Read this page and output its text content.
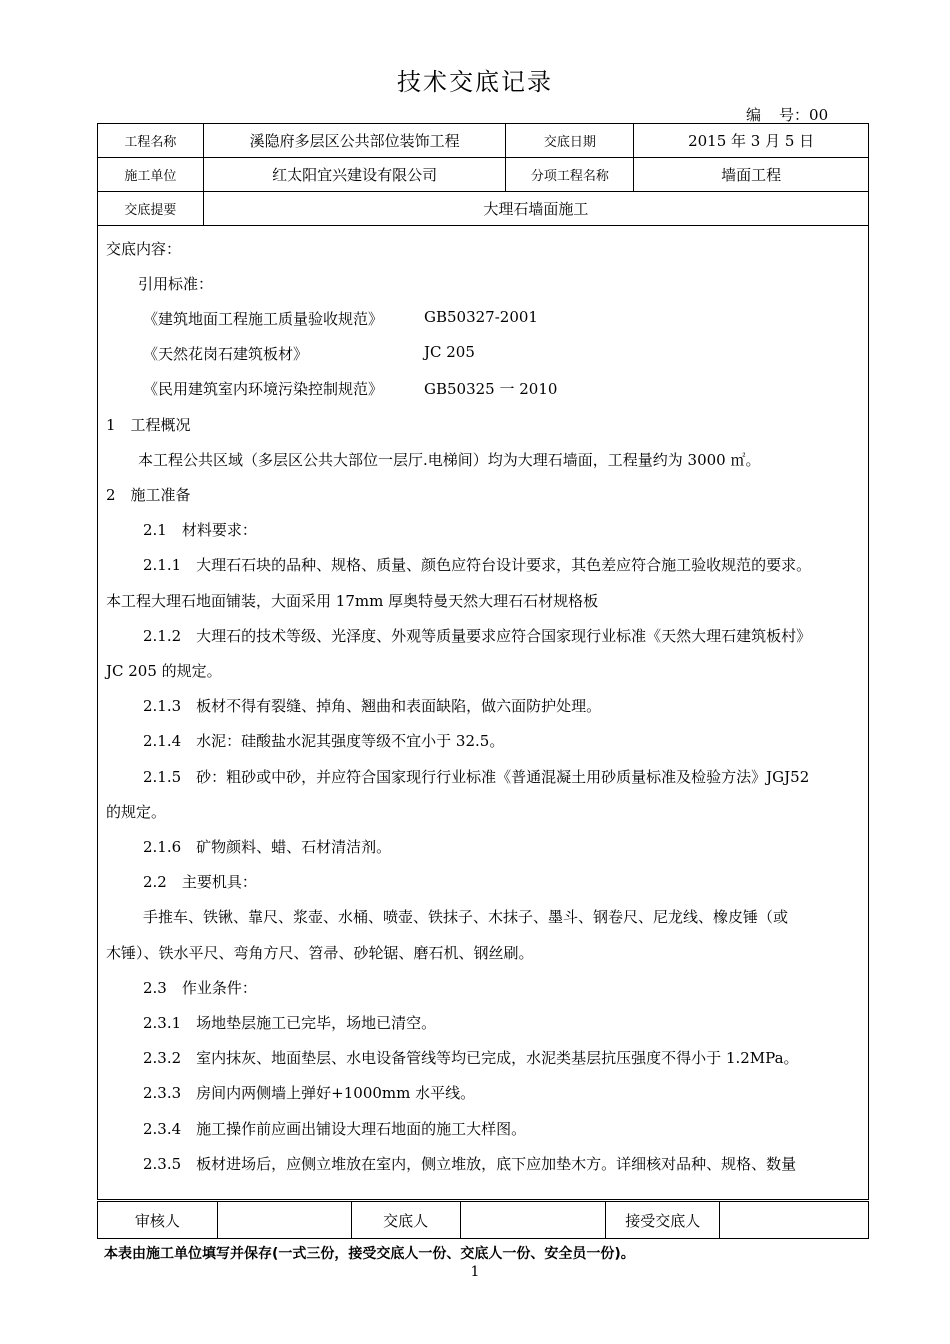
技术交底记录
编 号：00
工程名称	溪隐府多层区公共部位装饰工程	交底日期	2015 年 3 月 5 日
施工单位	红太阳宜兴建设有限公司	分项工程名称	墙面工程
交底提要	大理石墙面施工		
交底内容：
引用标准：
《建筑地面工程施工质量验收规范》	GB50327-2001
《天然花岗石建筑板材》	JC 205
《民用建筑室内环境污染控制规范》	GB50325 一 2010
1　工程概况
本工程公共区域（多层区公共大部位一层厅.电梯间）均为大理石墙面，工程量约为 3000 ㎡。
2　施工准备
2.1　材料要求：
2.1.1　大理石石块的品种、规格、质量、颜色应符台设计要求，其色差应符合施工验收规范的要求。
本工程大理石地面铺装，大面采用 17mm 厚奥特曼天然大理石石材规格板
2.1.2　大理石的技术等级、光泽度、外观等质量要求应符合国家现行业标准《天然大理石建筑板村》
JC 205 的规定。
2.1.3　板材不得有裂缝、掉角、翘曲和表面缺陷，做六面防护处理。
2.1.4　水泥：硅酸盐水泥其强度等级不宜小于 32.5。
2.1.5　砂：粗砂或中砂，并应符合国家现行行业标准《普通混凝土用砂质量标准及检验方法》JGJ52
的规定。
2.1.6　矿物颜料、蜡、石材清洁剂。
2.2　主要机具：
手推车、铁锹、靠尺、浆壶、水桶、喷壶、铁抹子、木抹子、墨斗、钢卷尺、尼龙线、橡皮锤（或
木锤）、铁水平尺、弯角方尺、笤帚、砂轮锯、磨石机、钢丝刷。
2.3　作业条件：
2.3.1　场地垫层施工已完毕，场地已清空。
2.3.2　室内抹灰、地面垫层、水电设备管线等均已完成，水泥类基层抗压强度不得小于 1.2MPa。
2.3.3　房间内两侧墙上弹好+1000mm 水平线。
2.3.4　施工操作前应画出铺设大理石地面的施工大样图。
2.3.5　板材进场后，应侧立堆放在室内，侧立堆放，底下应加垫木方。详细核对品种、规格、数量
审核人		交底人		接受交底人	
本表由施工单位填写并保存(一式三份，接受交底人一份、交底人一份、安全员一份)。
1
